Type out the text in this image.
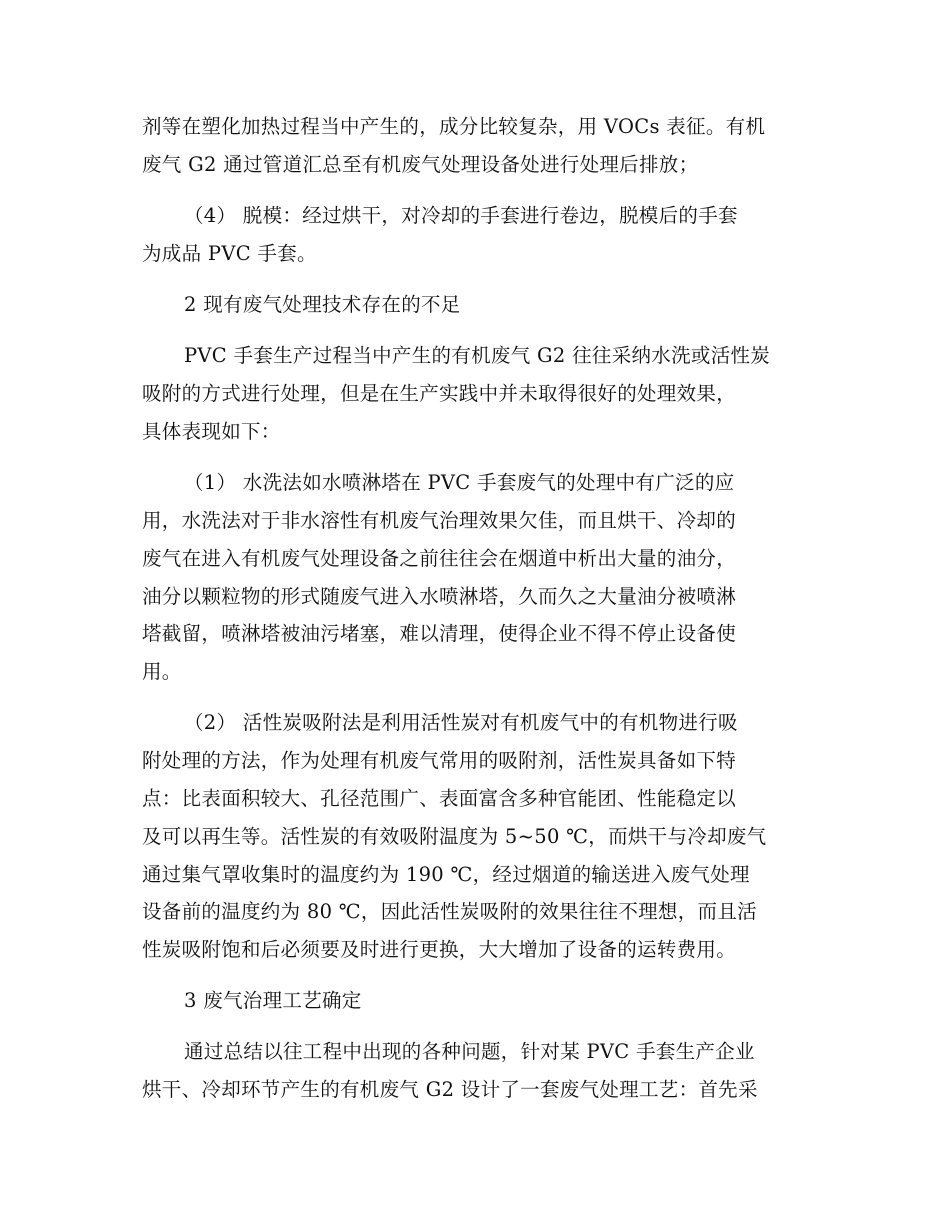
剂等在塑化加热过程当中产生的，成分比较复杂，用 VOCs 表征。有机
废气 G2 通过管道汇总至有机废气处理设备处进行处理后排放；
（4） 脱模：经过烘干，对冷却的手套进行卷边，脱模后的手套
为成品 PVC 手套。
2 现有废气处理技术存在的不足
PVC 手套生产过程当中产生的有机废气 G2 往往采纳水洗或活性炭
吸附的方式进行处理，但是在生产实践中并未取得很好的处理效果，
具体表现如下：
（1） 水洗法如水喷淋塔在 PVC 手套废气的处理中有广泛的应
用，水洗法对于非水溶性有机废气治理效果欠佳，而且烘干、冷却的
废气在进入有机废气处理设备之前往往会在烟道中析出大量的油分，
油分以颗粒物的形式随废气进入水喷淋塔，久而久之大量油分被喷淋
塔截留，喷淋塔被油污堵塞，难以清理，使得企业不得不停止设备使
用。
（2） 活性炭吸附法是利用活性炭对有机废气中的有机物进行吸
附处理的方法，作为处理有机废气常用的吸附剂，活性炭具备如下特
点：比表面积较大、孔径范围广、表面富含多种官能团、性能稳定以
及可以再生等。活性炭的有效吸附温度为 5~50 ℃，而烘干与冷却废气
通过集气罩收集时的温度约为 190 ℃，经过烟道的输送进入废气处理
设备前的温度约为 80 ℃，因此活性炭吸附的效果往往不理想，而且活
性炭吸附饱和后必须要及时进行更换，大大增加了设备的运转费用。
3 废气治理工艺确定
通过总结以往工程中出现的各种问题，针对某 PVC 手套生产企业
烘干、冷却环节产生的有机废气 G2 设计了一套废气处理工艺：首先采
